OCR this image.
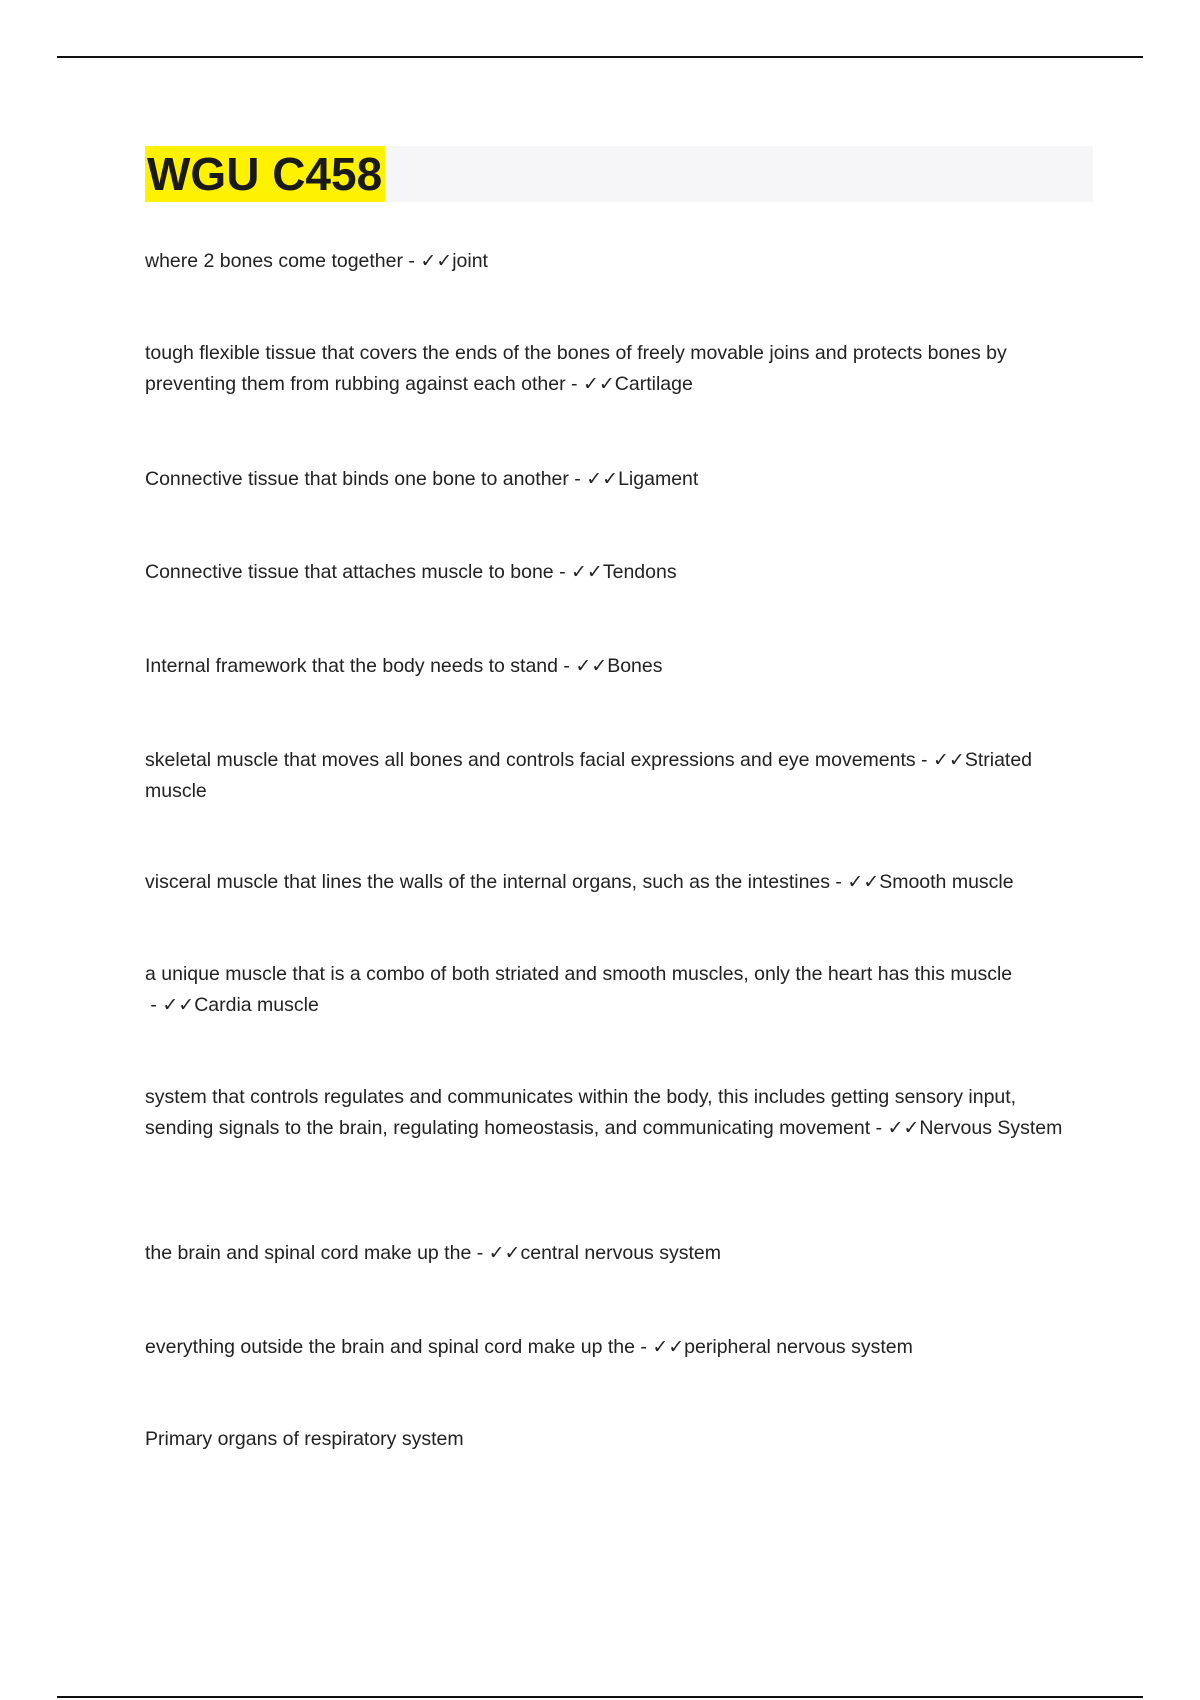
WGU C458
where 2 bones come together - ✓✓joint
tough flexible tissue that covers the ends of the bones of freely movable joins and protects bones by preventing them from rubbing against each other - ✓✓Cartilage
Connective tissue that binds one bone to another - ✓✓Ligament
Connective tissue that attaches muscle to bone - ✓✓Tendons
Internal framework that the body needs to stand - ✓✓Bones
skeletal muscle that moves all bones and controls facial expressions and eye movements - ✓✓Striated muscle
visceral muscle that lines the walls of the internal organs, such as the intestines - ✓✓Smooth muscle
a unique muscle that is a combo of both striated and smooth muscles, only the heart has this muscle - ✓✓Cardia muscle
system that controls regulates and communicates within the body, this includes getting sensory input, sending signals to the brain, regulating homeostasis, and communicating movement - ✓✓Nervous System
the brain and spinal cord make up the - ✓✓central nervous system
everything outside the brain and spinal cord make up the - ✓✓peripheral nervous system
Primary organs of respiratory system
